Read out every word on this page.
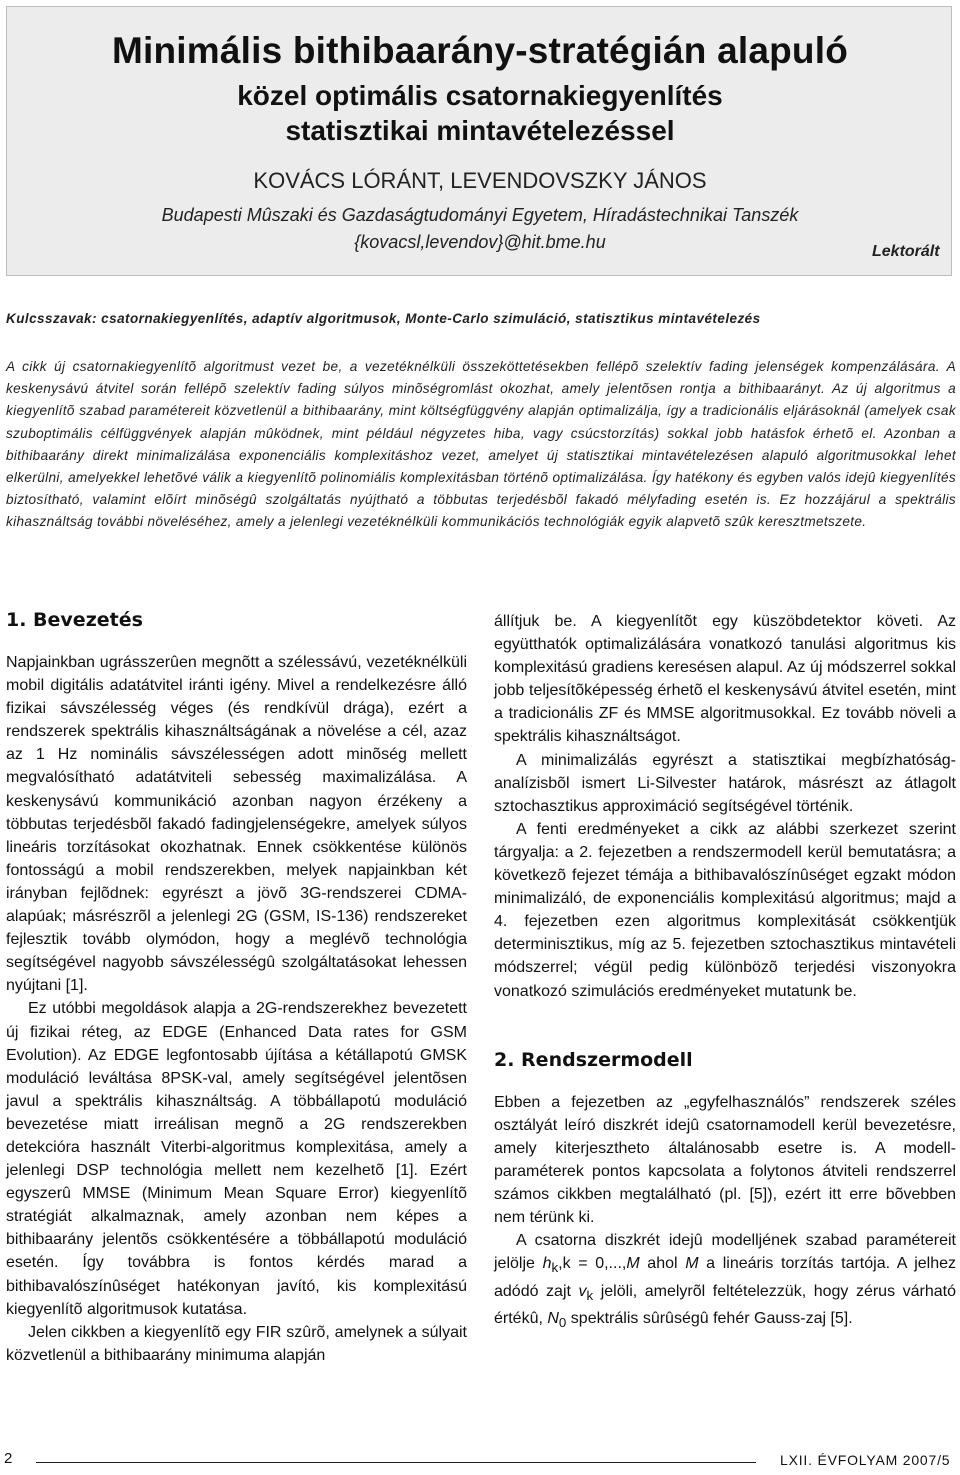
Minimális bithibaarány-stratégián alapuló
közel optimális csatornakiegyenlítés
statisztikai mintavételezéssel
KOVÁCS LÓRÁNT, LEVENDOVSZKY JÁNOS
Budapesti Mûszaki és Gazdaságtudományi Egyetem, Híradástechnikai Tanszék
{kovacsl,levendov}@hit.bme.hu	Lektorált
Kulcsszavak: csatornakiegyenlítés, adaptív algoritmusok, Monte-Carlo szimuláció, statisztikus mintavételezés

A cikk új csatornakiegyenlítõ algoritmust vezet be, a vezetéknélküli összeköttetésekben fellépõ szelektív fading jelenségek kompenzálására. A keskenysávú átvitel során fellépõ szelektív fading súlyos minõségromlást okozhat, amely jelentõsen rontja a bithibaarányt. Az új algoritmus a kiegyenlítõ szabad paramétereit közvetlenül a bithibaarány, mint költségfüggvény alapján optimalizálja, így a tradicionális eljárásoknál (amelyek csak szuboptimális célfüggvények alapján mûködnek, mint például négyzetes hiba, vagy csúcstorzítás) sokkal jobb hatásfok érhetõ el. Azonban a bithibaarány direkt minimalizálása exponenciális komplexitáshoz vezet, amelyet új statisztikai mintavételezésen alapuló algoritmusokkal lehet elkerülni, amelyekkel lehetõvé válik a kiegyenlítõ polinomiális komplexitásban történõ optimalizálása. Így hatékony és egyben valós idejû kiegyenlítés biztosítható, valamint elõírt minõségû szolgáltatás nyújtható a többutas terjedésbõl fakadó mélyfading esetén is. Ez hozzájárul a spektrális kihasználtság további növeléséhez, amely a jelenlegi vezetéknélküli kommunikációs technológiák egyik alapvetõ szûk keresztmetszete.

1. Bevezetés

Napjainkban ugrásszerûen megnõtt a szélessávú, vezetéknélküli mobil digitális adatátvitel iránti igény. Mivel a rendelkezésre álló fizikai sávszélesség véges (és rendkívül drága), ezért a rendszerek spektrális kihasználtságának a növelése a cél, azaz az 1 Hz nominális sávszélességen adott minõség mellett megvalósítható adatátviteli sebesség maximalizálása. A keskenysávú kommunikáció azonban nagyon érzékeny a többutas terjedésbõl fakadó fadingjelenségekre, amelyek súlyos lineáris torzításokat okozhatnak. Ennek csökkentése különös fontosságú a mobil rendszerekben, melyek napjainkban két irányban fejlõdnek: egyrészt a jövõ 3G-rendszerei CDMA-alapúak; másrészrõl a jelenlegi 2G (GSM, IS-136) rendszereket fejlesztik tovább olymódon, hogy a meglévõ technológia segítségével nagyobb sávszélességû szolgáltatásokat lehessen nyújtani [1].

Ez utóbbi megoldások alapja a 2G-rendszerekhez bevezetett új fizikai réteg, az EDGE (Enhanced Data rates for GSM Evolution). Az EDGE legfontosabb újítása a kétállapotú GMSK moduláció leváltása 8PSK-val, amely segítségével jelentõsen javul a spektrális kihasználtság. A többállapotú moduláció bevezetése miatt irreálisan megnõ a 2G rendszerekben detekcióra használt Viterbi-algoritmus komplexitása, amely a jelenlegi DSP technológia mellett nem kezelhetõ [1]. Ezért egyszerû MMSE (Minimum Mean Square Error) kiegyenlítõ stratégiát alkalmaznak, amely azonban nem képes a bithibaarány jelentõs csökkentésére a többállapotú moduláció esetén. Így továbbra is fontos kérdés marad a bithibavalószínûséget hatékonyan javító, kis komplexitású kiegyenlítõ algoritmusok kutatása.

Jelen cikkben a kiegyenlítõ egy FIR szûrõ, amelynek a súlyait közvetlenül a bithibaarány minimuma alapján

állítjuk be. A kiegyenlítõt egy küszöbdetektor követi. Az együtthatók optimalizálására vonatkozó tanulási algoritmus kis komplexitású gradiens keresésen alapul. Az új módszerrel sokkal jobb teljesítõképesség érhetõ el keskenysávú átvitel esetén, mint a tradicionális ZF és MMSE algoritmusokkal. Ez tovább növeli a spektrális kihasználtságot.

A minimalizálás egyrészt a statisztikai megbízhatóság-analízisbõl ismert Li-Silvester határok, másrészt az átlagolt sztochasztikus approximáció segítségével történik.

A fenti eredményeket a cikk az alábbi szerkezet szerint tárgyalja: a 2. fejezetben a rendszermodell kerül bemutatásra; a következõ fejezet témája a bithibavalószínûséget egzakt módon minimalizáló, de exponenciális komplexitású algoritmus; majd a 4. fejezetben ezen algoritmus komplexitását csökkentjük determinisztikus, míg az 5. fejezetben sztochasztikus mintavételi módszerrel; végül pedig különbözõ terjedési viszonyokra vonatkozó szimulációs eredményeket mutatunk be.

2. Rendszermodell

Ebben a fejezetben az „egyfelhasználós” rendszerek széles osztályát leíró diszkrét idejû csatornamodell kerül bevezetésre, amely kiterjesztheto általánosabb esetre is. A modell-paraméterek pontos kapcsolata a folytonos átviteli rendszerrel számos cikkben megtalálható (pl. [5]), ezért itt erre bõvebben nem térünk ki.

A csatorna diszkrét idejû modelljének szabad paramétereit jelölje $h_k,k = 0,...,M$ ahol M a lineáris torzítás tartója. A jelhez adódó zajt $v_k$ jelöli, amelyrõl feltételezzük, hogy zérus várható értékû, $N_0$ spektrális sûrûségû fehér Gauss-zaj [5].

2	LXII. ÉVFOLYAM 2007/5
